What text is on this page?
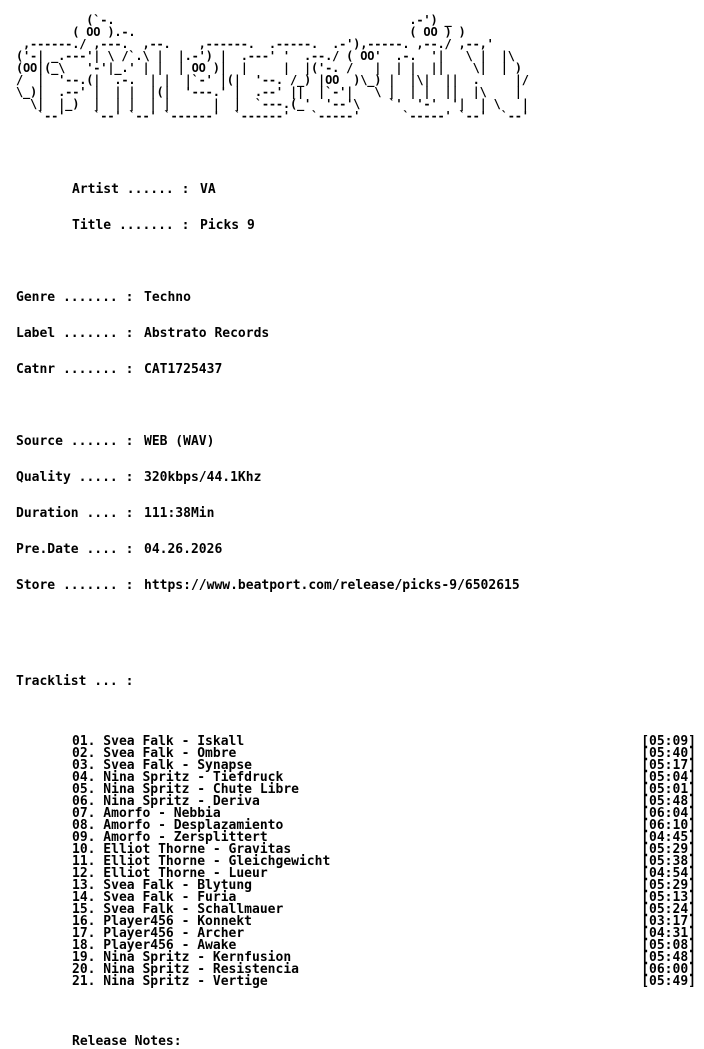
(`-.                                          .-') _
( OO ).-.                                       ( OO ) )
,------./ ,---.  ,--.    ,------.  .-----.  .-'),-----. ,--./ ,--,'
('-| _.---'| \ /`.\ |  |.-') |  .---' '  .--./ ( OO'  .-.  '|   \ |  |\
(OO|(_\   '-'|_.' | |  | OO )|  |     |  |('-. /   |  | |  ||    \|  | )
/  |  '--.(|  .-.  | |  |`-' |(|  '--. /_) |OO  )\_) |  |\|  ||  .     |/
\_)|  .--' |  | |  |(|  '---.' |  .--' ||  |`-'|   \ |  | |  ||  |\    |
\|  |_)  |  | |  | |      |  |  `---.(_'  '--'\    `'  '-'  '|  | \   |
`--'    `--' `--' `------'  `------'   `-----'      `-----' `--'  `--'

Artist ...... : VA

Title ....... : Picks 9

Genre ....... : Techno

Label ....... : Abstrato Records

Catnr ....... : CAT1725437

Source ...... : WEB (WAV)

Quality ..... : 320kbps/44.1Khz

Duration .... : 111:38Min

Pre.Date .... : 04.26.2026

Store ....... : https://www.beatport.com/release/picks-9/6502615

Tracklist ... :

01. Svea Falk - Iskall	[05:09]
02. Svea Falk - Ombre	[05:40]
03. Svea Falk - Synapse	[05:17]
04. Nina Spritz - Tiefdruck	[05:04]
05. Nina Spritz - Chute Libre	[05:01]
06. Nina Spritz - Deriva	[05:48]
07. Amorfo - Nebbia	[06:04]
08. Amorfo - Desplazamiento	[06:10]
09. Amorfo - Zersplittert	[04:45]
10. Elliot Thorne - Gravitas	[05:29]
11. Elliot Thorne - Gleichgewicht	[05:38]
12. Elliot Thorne - Lueur	[04:54]
13. Svea Falk - Blytung	[05:29]
14. Svea Falk - Furia	[05:13]
15. Svea Falk - Schallmauer	[05:24]
16. Player456 - Konnekt	[03:17]
17. Player456 - Archer	[04:31]
18. Player456 - Awake	[05:08]
19. Nina Spritz - Kernfusion	[05:48]
20. Nina Spritz - Resistencia	[06:00]
21. Nina Spritz - Vertige	[05:49]
Release Notes:
